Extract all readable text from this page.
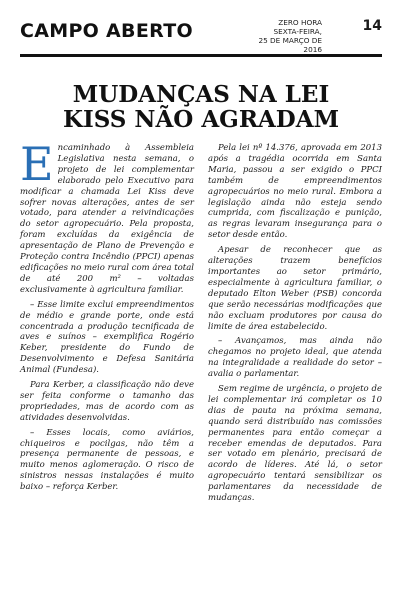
CAMPO ABERTO	ZERO HORA
SEXTA-FEIRA,
25 DE MARÇO DE 2016
14
MUDANÇAS NA LEI
KISS NÃO AGRADAM

Encaminhado à Assembleia Legislativa nesta semana, o projeto de lei complementar elaborado pelo Executivo para modificar a chamada Lei Kiss deve sofrer novas alterações, antes de ser votado, para atender a reivindicações do setor agropecuário. Pela proposta, foram excluídas da exigência de apresentação de Plano de Prevenção e Proteção contra Incêndio (PPCI) apenas edificações no meio rural com área total de até 200 m² – voltadas exclusivamente à agricultura familiar.

– Esse limite exclui empreendimentos de médio e grande porte, onde está concentrada a produção tecnificada de aves e suínos – exemplifica Rogério Keber, presidente do Fundo de Desenvolvimento e Defesa Sanitária Animal (Fundesa).

Para Kerber, a classificação não deve ser feita conforme o tamanho das propriedades, mas de acordo com as atividades desenvolvidas.

– Esses locais, como aviários, chiqueiros e pocilgas, não têm a presença permanente de pessoas, e muito menos aglomeração. O risco de sinistros nessas instalações é muito baixo – reforça Kerber.

Pela lei nº 14.376, aprovada em 2013 após a tragédia ocorrida em Santa Maria, passou a ser exigido o PPCI também de empreendimentos agropecuários no meio rural. Embora a legislação ainda não esteja sendo cumprida, com fiscalização e punição, as regras levaram insegurança para o setor desde então.

Apesar de reconhecer que as alterações trazem benefícios importantes ao setor primário, especialmente à agricultura familiar, o deputado Elton Weber (PSB) concorda que serão necessárias modificações que não excluam produtores por causa do limite de área estabelecido.

– Avançamos, mas ainda não chegamos no projeto ideal, que atenda na integralidade a realidade do setor – avalia o parlamentar.

Sem regime de urgência, o projeto de lei complementar irá completar os 10 dias de pauta na próxima semana, quando será distribuído nas comissões permanentes para então começar a receber emendas de deputados. Para ser votado em plenário, precisará de acordo de líderes. Até lá, o setor agropecuário tentará sensibilizar os parlamentares da necessidade de mudanças.
